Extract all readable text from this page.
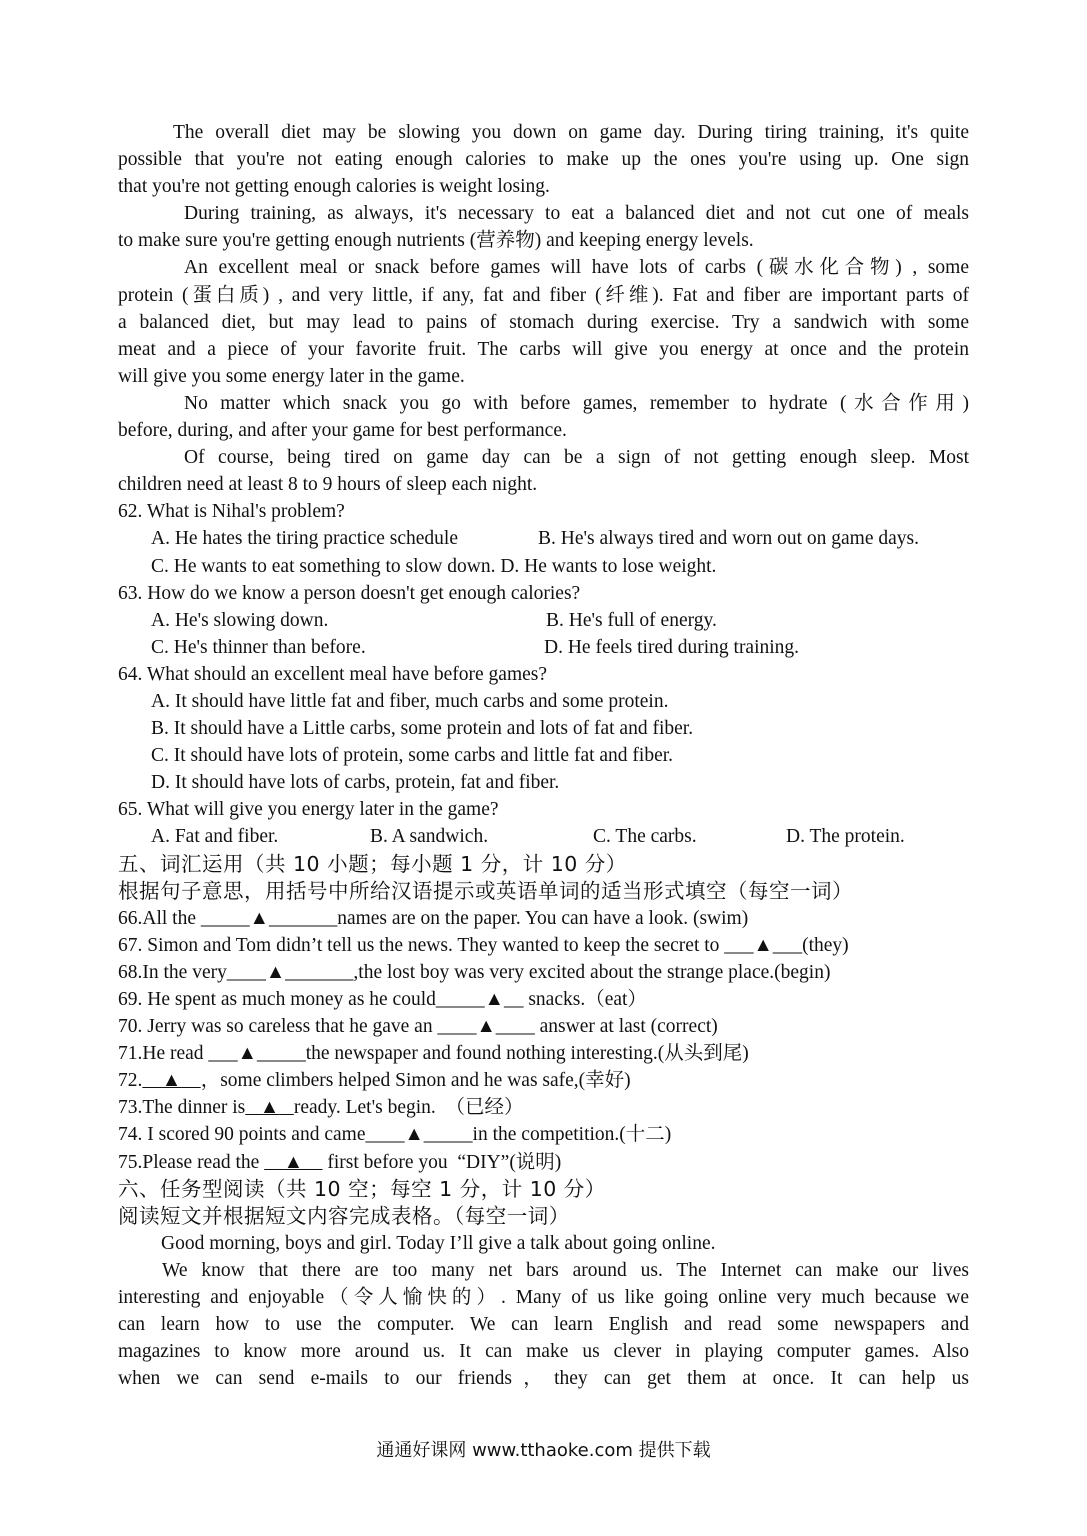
The overall diet may be slowing you down on game day. During tiring training, it's quite
possible that you're not eating enough calories to make up the ones you're using up. One sign
that you're not getting enough calories is weight losing.
During training, as always, it's necessary to eat a balanced diet and not cut one of meals
to make sure you're getting enough nutrients (营养物) and keeping energy levels.
An excellent meal or snack before games will have lots of carbs (碳水化合物) , some
protein (蛋白质) , and very little, if any, fat and fiber (纤维). Fat and fiber are important parts of
a balanced diet, but may lead to pains of stomach during exercise. Try a sandwich with some
meat and a piece of your favorite fruit. The carbs will give you energy at once and the protein
will give you some energy later in the game.
No matter which snack you go with before games, remember to hydrate (水合作用)
before, during, and after your game for best performance.
Of course, being tired on game day can be a sign of not getting enough sleep. Most
children need at least 8 to 9 hours of sleep each night.
62. What is Nihal's problem?
A. He hates the tiring practice schedule	B. He's always tired and worn out on game days.
C. He wants to eat something to slow down. D. He wants to lose weight.
63. How do we know a person doesn't get enough calories?
A. He's slowing down.	B. He's full of energy.
C. He's thinner than before.	D. He feels tired during training.
64. What should an excellent meal have before games?
A. It should have little fat and fiber, much carbs and some protein.
B. It should have a Little carbs, some protein and lots of fat and fiber.
C. It should have lots of protein, some carbs and little fat and fiber.
D. It should have lots of carbs, protein, fat and fiber.
65. What will give you energy later in the game?
A. Fat and fiber.	B. A sandwich.	C. The carbs.	D. The protein.
五、词汇运用（共 10 小题；每小题 1 分，计 10 分）
根据句子意思，用括号中所给汉语提示或英语单词的适当形式填空（每空一词）
66.All the _____▲_______names are on the paper. You can have a look. (swim)
67. Simon and Tom didn’t tell us the news. They wanted to keep the secret to ___▲___(they)
68.In the very____▲_______,the lost boy was very excited about the strange place.(begin)
69. He spent as much money as he could_____▲__ snacks.（eat）
70. Jerry was so careless that he gave an ____▲____ answer at last (correct)
71.He read ___▲_____the newspaper and found nothing interesting.(从头到尾)
72. ▲ ，some climbers helped Simon and he was safe,(幸好)
73.The dinner is ▲ ready. Let's begin.  （已经）
74. I scored 90 points and came____▲_____in the competition.(十二)
75.Please read the     ▲     first before you  “DIY”(说明)
六、任务型阅读（共 10 空；每空 1 分，计 10 分）
阅读短文并根据短文内容完成表格。（每空一词）
Good morning, boys and girl. Today I’ll give a talk about going online.
We know that there are too many net bars around us. The Internet can make our lives
interesting and enjoyable（令人愉快的）. Many of us like going online very much because we
can learn how to use the computer. We can learn English and read some newspapers and
magazines to know more around us. It can make us clever in playing computer games. Also
when we can send e-mails to our friends，they can get them at once. It can help us
通通好课网 www.tthaoke.com 提供下载
